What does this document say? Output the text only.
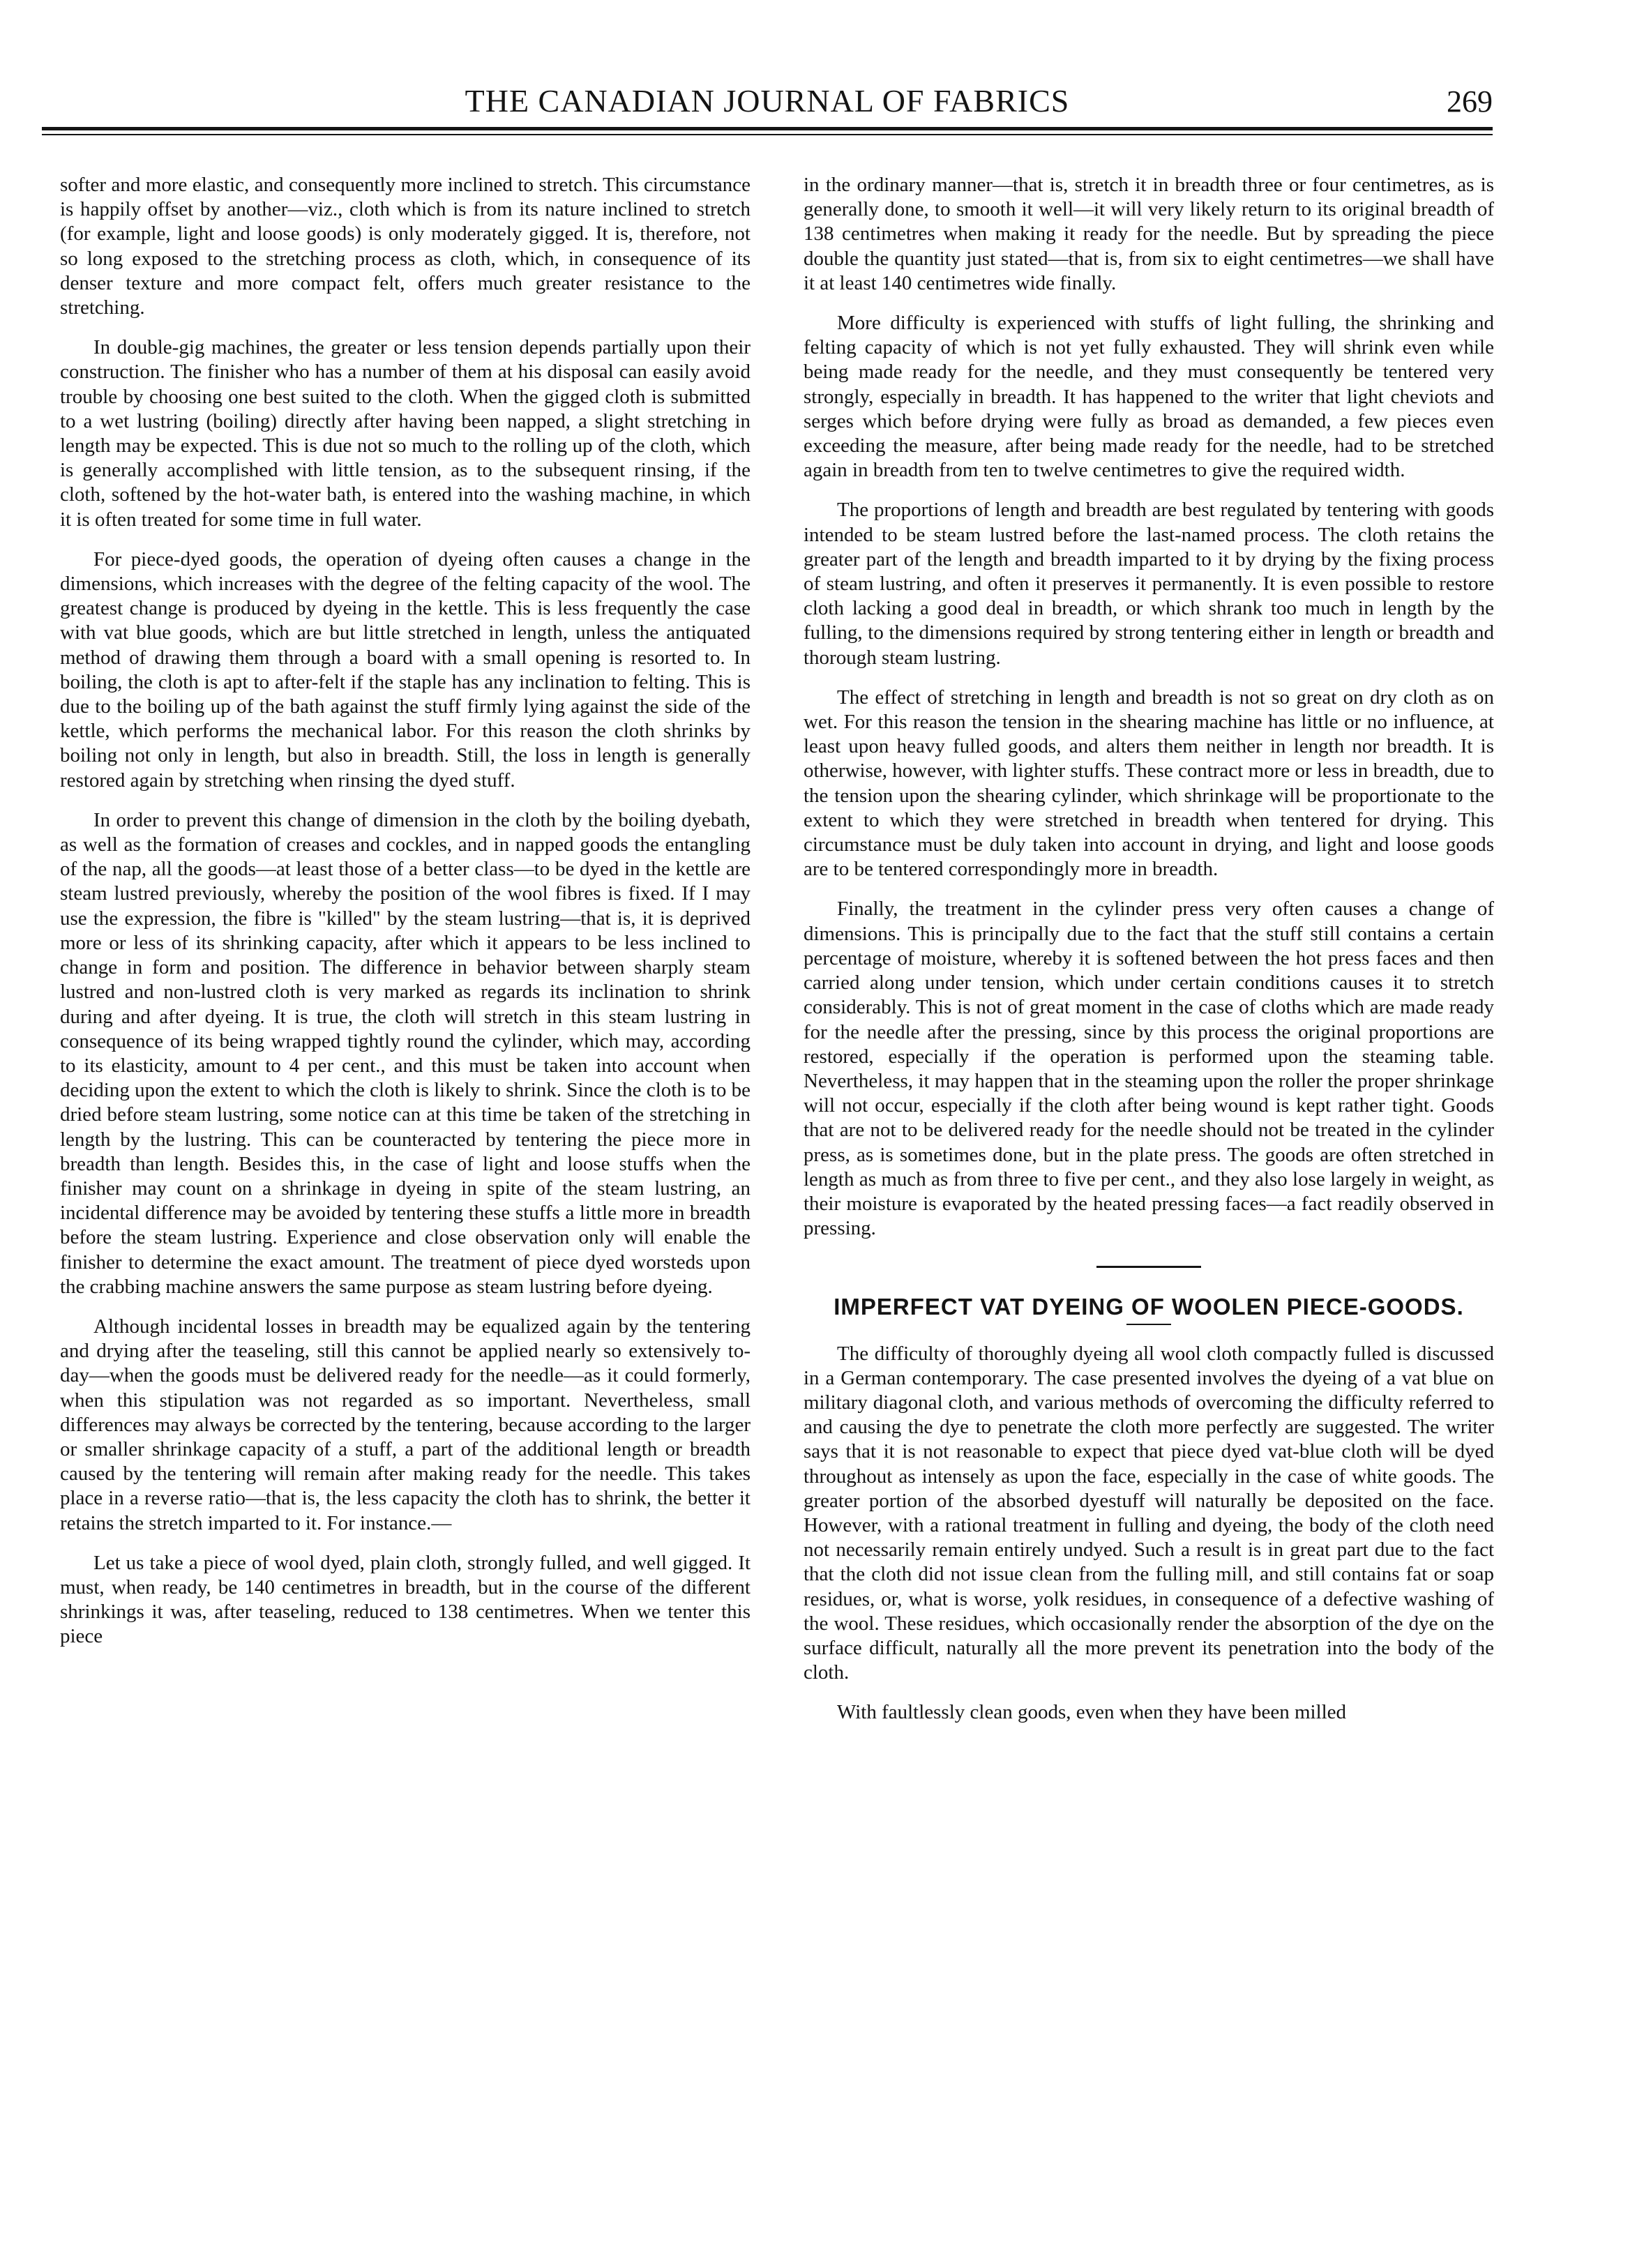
THE CANADIAN JOURNAL OF FABRICS	269

softer and more elastic, and consequently more inclined to stretch. This circumstance is happily offset by another—viz., cloth which is from its nature inclined to stretch (for example, light and loose goods) is only moderately gigged. It is, therefore, not so long exposed to the stretching process as cloth, which, in consequence of its denser texture and more compact felt, offers much greater resistance to the stretching.

In double-gig machines, the greater or less tension depends partially upon their construction. The finisher who has a number of them at his disposal can easily avoid trouble by choosing one best suited to the cloth. When the gigged cloth is submitted to a wet lustring (boiling) directly after having been napped, a slight stretching in length may be expected. This is due not so much to the rolling up of the cloth, which is generally accomplished with little tension, as to the subsequent rinsing, if the cloth, softened by the hot-water bath, is entered into the washing machine, in which it is often treated for some time in full water.

For piece-dyed goods, the operation of dyeing often causes a change in the dimensions, which increases with the degree of the felting capacity of the wool. The greatest change is produced by dyeing in the kettle. This is less frequently the case with vat blue goods, which are but little stretched in length, unless the antiquated method of drawing them through a board with a small opening is resorted to. In boiling, the cloth is apt to after-felt if the staple has any inclination to felting. This is due to the boiling up of the bath against the stuff firmly lying against the side of the kettle, which performs the mechanical labor. For this reason the cloth shrinks by boiling not only in length, but also in breadth. Still, the loss in length is generally restored again by stretching when rinsing the dyed stuff.

In order to prevent this change of dimension in the cloth by the boiling dyebath, as well as the formation of creases and cockles, and in napped goods the entangling of the nap, all the goods—at least those of a better class—to be dyed in the kettle are steam lustred previously, whereby the position of the wool fibres is fixed. If I may use the expression, the fibre is "killed" by the steam lustring—that is, it is deprived more or less of its shrinking capacity, after which it appears to be less inclined to change in form and position. The difference in behavior between sharply steam lustred and non-lustred cloth is very marked as regards its inclination to shrink during and after dyeing. It is true, the cloth will stretch in this steam lustring in consequence of its being wrapped tightly round the cylinder, which may, according to its elasticity, amount to 4 per cent., and this must be taken into account when deciding upon the extent to which the cloth is likely to shrink. Since the cloth is to be dried before steam lustring, some notice can at this time be taken of the stretching in length by the lustring. This can be counteracted by tentering the piece more in breadth than length. Besides this, in the case of light and loose stuffs when the finisher may count on a shrinkage in dyeing in spite of the steam lustring, an incidental difference may be avoided by tentering these stuffs a little more in breadth before the steam lustring. Experience and close observation only will enable the finisher to determine the exact amount. The treatment of piece dyed worsteds upon the crabbing machine answers the same purpose as steam lustring before dyeing.

Although incidental losses in breadth may be equalized again by the tentering and drying after the teaseling, still this cannot be applied nearly so extensively to-day—when the goods must be delivered ready for the needle—as it could formerly, when this stipulation was not regarded as so important. Nevertheless, small differences may always be corrected by the tentering, because according to the larger or smaller shrinkage capacity of a stuff, a part of the additional length or breadth caused by the tentering will remain after making ready for the needle. This takes place in a reverse ratio—that is, the less capacity the cloth has to shrink, the better it retains the stretch imparted to it. For instance.—

Let us take a piece of wool dyed, plain cloth, strongly fulled, and well gigged. It must, when ready, be 140 centimetres in breadth, but in the course of the different shrinkings it was, after teaseling, reduced to 138 centimetres. When we tenter this piece

in the ordinary manner—that is, stretch it in breadth three or four centimetres, as is generally done, to smooth it well—it will very likely return to its original breadth of 138 centimetres when making it ready for the needle. But by spreading the piece double the quantity just stated—that is, from six to eight centimetres—we shall have it at least 140 centimetres wide finally.

More difficulty is experienced with stuffs of light fulling, the shrinking and felting capacity of which is not yet fully exhausted. They will shrink even while being made ready for the needle, and they must consequently be tentered very strongly, especially in breadth. It has happened to the writer that light cheviots and serges which before drying were fully as broad as demanded, a few pieces even exceeding the measure, after being made ready for the needle, had to be stretched again in breadth from ten to twelve centimetres to give the required width.

The proportions of length and breadth are best regulated by tentering with goods intended to be steam lustred before the last-named process. The cloth retains the greater part of the length and breadth imparted to it by drying by the fixing process of steam lustring, and often it preserves it permanently. It is even possible to restore cloth lacking a good deal in breadth, or which shrank too much in length by the fulling, to the dimensions required by strong tentering either in length or breadth and thorough steam lustring.

The effect of stretching in length and breadth is not so great on dry cloth as on wet. For this reason the tension in the shearing machine has little or no influence, at least upon heavy fulled goods, and alters them neither in length nor breadth. It is otherwise, however, with lighter stuffs. These contract more or less in breadth, due to the tension upon the shearing cylinder, which shrinkage will be proportionate to the extent to which they were stretched in breadth when tentered for drying. This circumstance must be duly taken into account in drying, and light and loose goods are to be tentered correspondingly more in breadth.

Finally, the treatment in the cylinder press very often causes a change of dimensions. This is principally due to the fact that the stuff still contains a certain percentage of moisture, whereby it is softened between the hot press faces and then carried along under tension, which under certain conditions causes it to stretch considerably. This is not of great moment in the case of cloths which are made ready for the needle after the pressing, since by this process the original proportions are restored, especially if the operation is performed upon the steaming table. Nevertheless, it may happen that in the steaming upon the roller the proper shrinkage will not occur, especially if the cloth after being wound is kept rather tight. Goods that are not to be delivered ready for the needle should not be treated in the cylinder press, as is sometimes done, but in the plate press. The goods are often stretched in length as much as from three to five per cent., and they also lose largely in weight, as their moisture is evaporated by the heated pressing faces—a fact readily observed in pressing.

IMPERFECT VAT DYEING OF WOOLEN PIECE-GOODS.

The difficulty of thoroughly dyeing all wool cloth compactly fulled is discussed in a German contemporary. The case presented involves the dyeing of a vat blue on military diagonal cloth, and various methods of overcoming the difficulty referred to and causing the dye to penetrate the cloth more perfectly are suggested. The writer says that it is not reasonable to expect that piece dyed vat-blue cloth will be dyed throughout as intensely as upon the face, especially in the case of white goods. The greater portion of the absorbed dyestuff will naturally be deposited on the face. However, with a rational treatment in fulling and dyeing, the body of the cloth need not necessarily remain entirely undyed. Such a result is in great part due to the fact that the cloth did not issue clean from the fulling mill, and still contains fat or soap residues, or, what is worse, yolk residues, in consequence of a defective washing of the wool. These residues, which occasionally render the absorption of the dye on the surface difficult, naturally all the more prevent its penetration into the body of the cloth.

With faultlessly clean goods, even when they have been milled
